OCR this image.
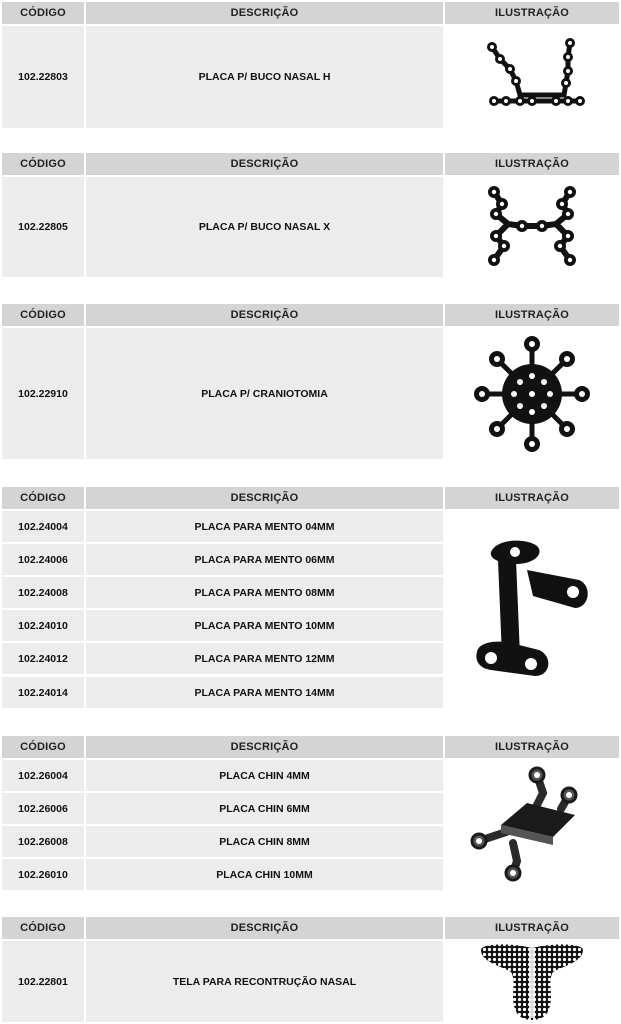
CÓDIGO	DESCRIÇÃO	ILUSTRAÇÃO
102.22803	PLACA P/ BUCO NASAL H
CÓDIGO	DESCRIÇÃO	ILUSTRAÇÃO
102.22805	PLACA P/ BUCO NASAL X
CÓDIGO	DESCRIÇÃO	ILUSTRAÇÃO
102.22910	PLACA P/ CRANIOTOMIA
CÓDIGO	DESCRIÇÃO	ILUSTRAÇÃO
102.24004	PLACA PARA MENTO 04MM
102.24006	PLACA PARA MENTO 06MM
102.24008	PLACA PARA MENTO 08MM
102.24010	PLACA PARA MENTO 10MM
102.24012	PLACA PARA MENTO 12MM
102.24014	PLACA PARA MENTO 14MM
CÓDIGO	DESCRIÇÃO	ILUSTRAÇÃO
102.26004	PLACA CHIN 4MM
102.26006	PLACA CHIN 6MM
102.26008	PLACA CHIN 8MM
102.26010	PLACA CHIN 10MM
CÓDIGO	DESCRIÇÃO	ILUSTRAÇÃO
102.22801	TELA PARA RECONTRUÇÃO NASAL
